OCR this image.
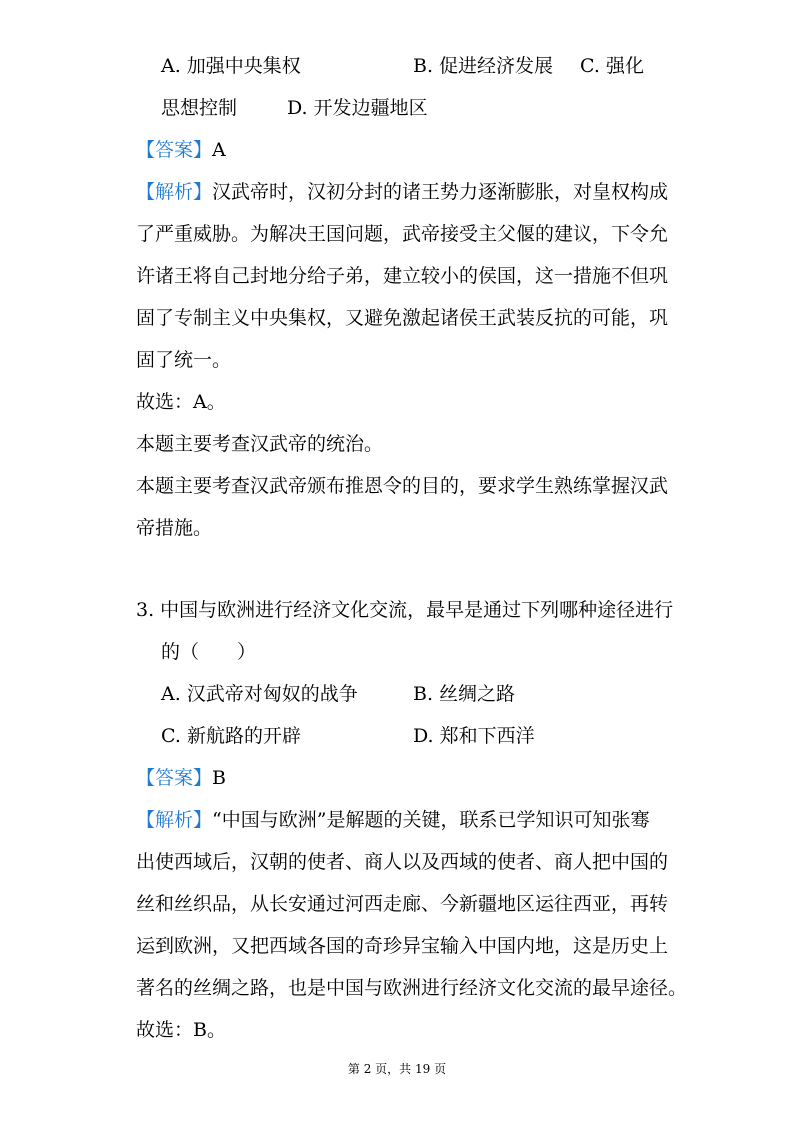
A. 加强中央集权	B. 促进经济发展 C. 强化
思想控制	D. 开发边疆地区
【答案】A
【解析】汉武帝时，汉初分封的诸王势力逐渐膨胀，对皇权构成
了严重威胁。为解决王国问题，武帝接受主父偃的建议，下令允
许诸王将自己封地分给子弟，建立较小的侯国，这一措施不但巩
固了专制主义中央集权，又避免激起诸侯王武装反抗的可能，巩
固了统一。
故选：A。
本题主要考查汉武帝的统治。
本题主要考查汉武帝颁布推恩令的目的，要求学生熟练掌握汉武
帝措施。
3. 中国与欧洲进行经济文化交流，最早是通过下列哪种途径进行
的（　　）
A. 汉武帝对匈奴的战争	B. 丝绸之路
C. 新航路的开辟	D. 郑和下西洋
【答案】B
【解析】“中国与欧洲”是解题的关键，联系已学知识可知张骞
出使西域后，汉朝的使者、商人以及西域的使者、商人把中国的
丝和丝织品，从长安通过河西走廊、今新疆地区运往西亚，再转
运到欧洲，又把西域各国的奇珍异宝输入中国内地，这是历史上
著名的丝绸之路，也是中国与欧洲进行经济文化交流的最早途径。
故选：B。
第 2 页，共 19 页
